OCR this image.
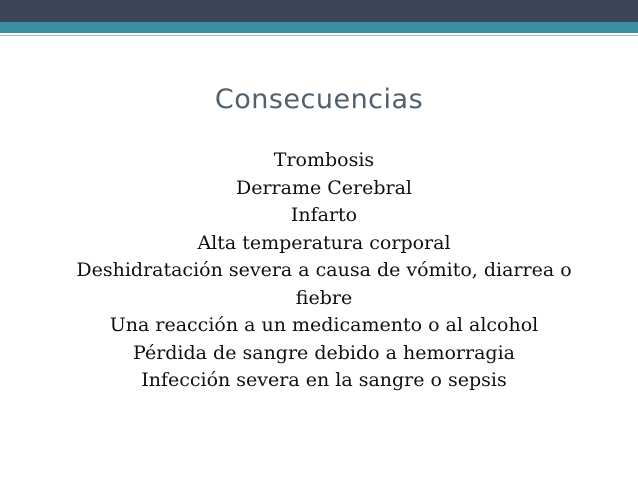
Consecuencias
Trombosis
Derrame Cerebral
Infarto
Alta temperatura corporal
Deshidratación severa a causa de vómito, diarrea o fiebre
Una reacción a un medicamento o al alcohol
Pérdida de sangre debido a hemorragia
Infección severa en la sangre o sepsis
